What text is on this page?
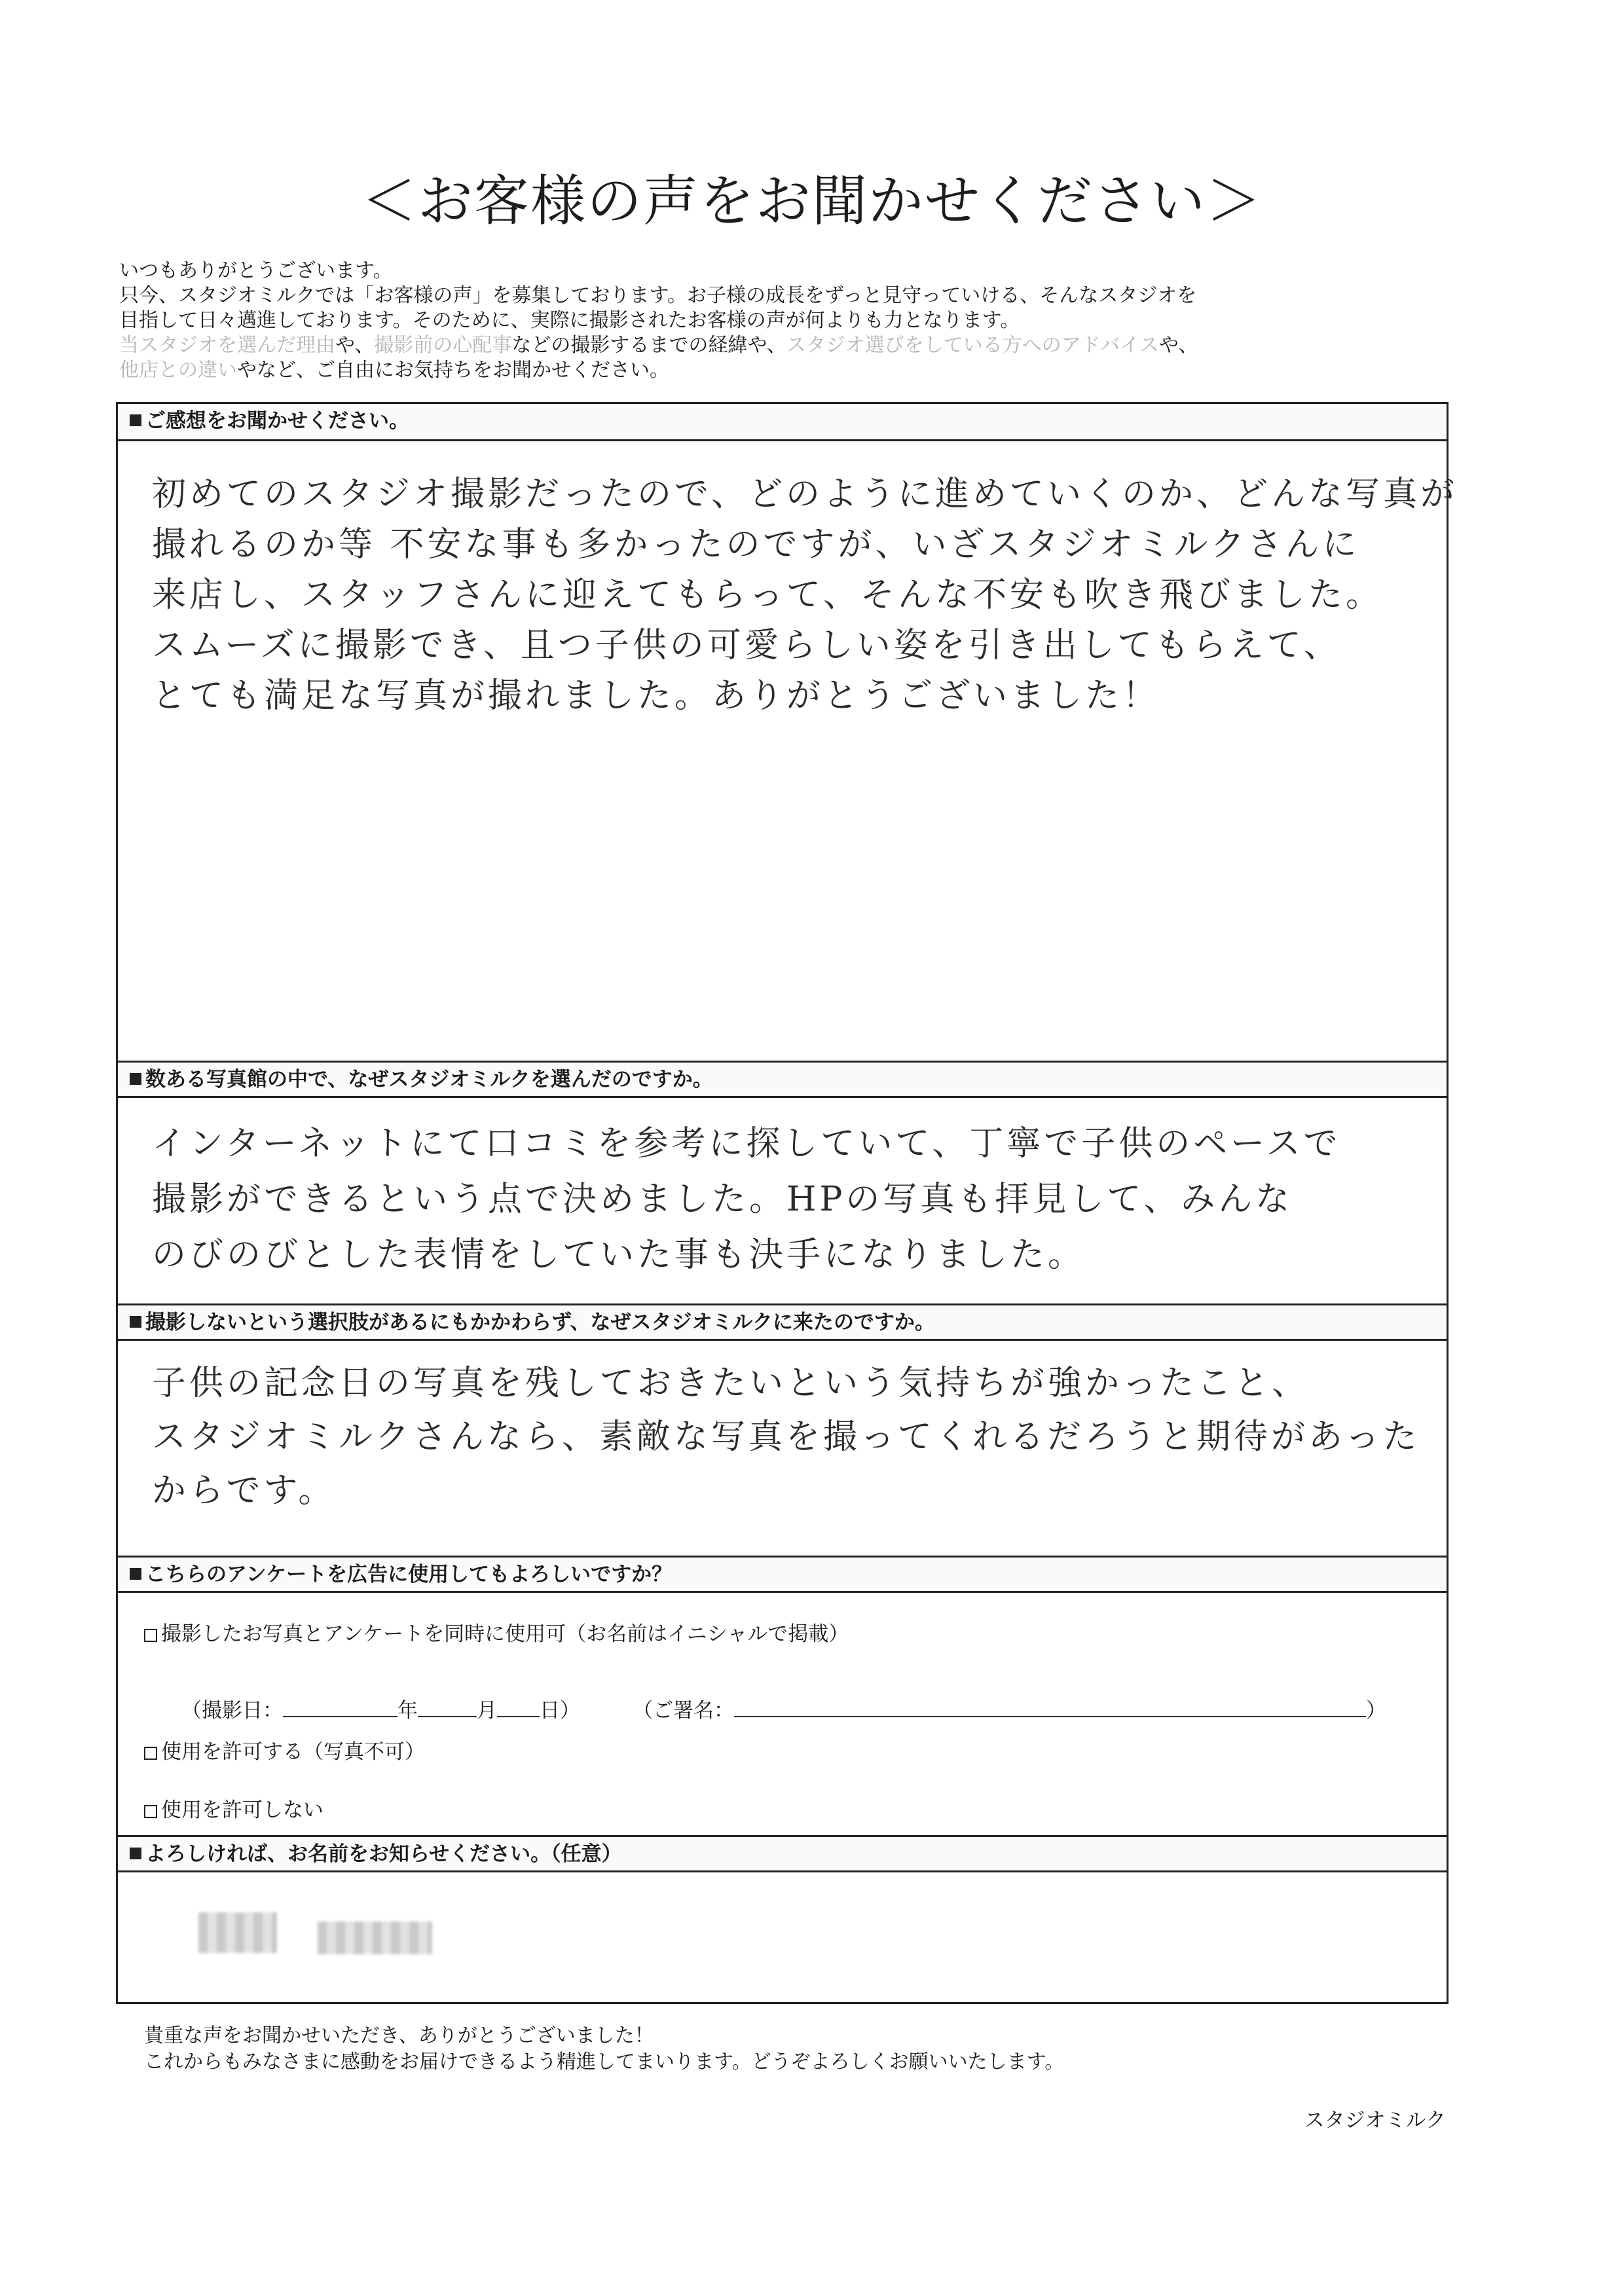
＜お客様の声をお聞かせください＞
いつもありがとうございます。
只今、スタジオミルクでは「お客様の声」を募集しております。お子様の成長をずっと見守っていける、そんなスタジオを
目指して日々邁進しております。そのために、実際に撮影されたお客様の声が何よりも力となります。
当スタジオを選んだ理由や、撮影前の心配事などの撮影するまでの経緯や、スタジオ選びをしている方へのアドバイスや、
他店との違いやなど、ご自由にお気持ちをお聞かせください。
ご感想をお聞かせください。
初めてのスタジオ撮影だったので、どのように進めていくのか、どんな写真が
撮れるのか等 不安な事も多かったのですが、いざスタジオミルクさんに
来店し、スタッフさんに迎えてもらって、そんな不安も吹き飛びました。
スムーズに撮影でき、且つ子供の可愛らしい姿を引き出してもらえて、
とても満足な写真が撮れました。ありがとうございました！
数ある写真館の中で、なぜスタジオミルクを選んだのですか。
インターネットにて口コミを参考に探していて、丁寧で子供のペースで
撮影ができるという点で決めました。HPの写真も拝見して、みんな
のびのびとした表情をしていた事も決手になりました。
撮影しないという選択肢があるにもかかわらず、なぜスタジオミルクに来たのですか。
子供の記念日の写真を残しておきたいという気持ちが強かったこと、
スタジオミルクさんなら、素敵な写真を撮ってくれるだろうと期待があった
からです。
こちらのアンケートを広告に使用してもよろしいですか？
撮影したお写真とアンケートを同時に使用可（お名前はイニシャルで掲載）
（撮影日：	年	月 日）	（ご署名：	）
使用を許可する（写真不可）
使用を許可しない
よろしければ、お名前をお知らせください。（任意）
貴重な声をお聞かせいただき、ありがとうございました！
これからもみなさまに感動をお届けできるよう精進してまいります。どうぞよろしくお願いいたします。
スタジオミルク
